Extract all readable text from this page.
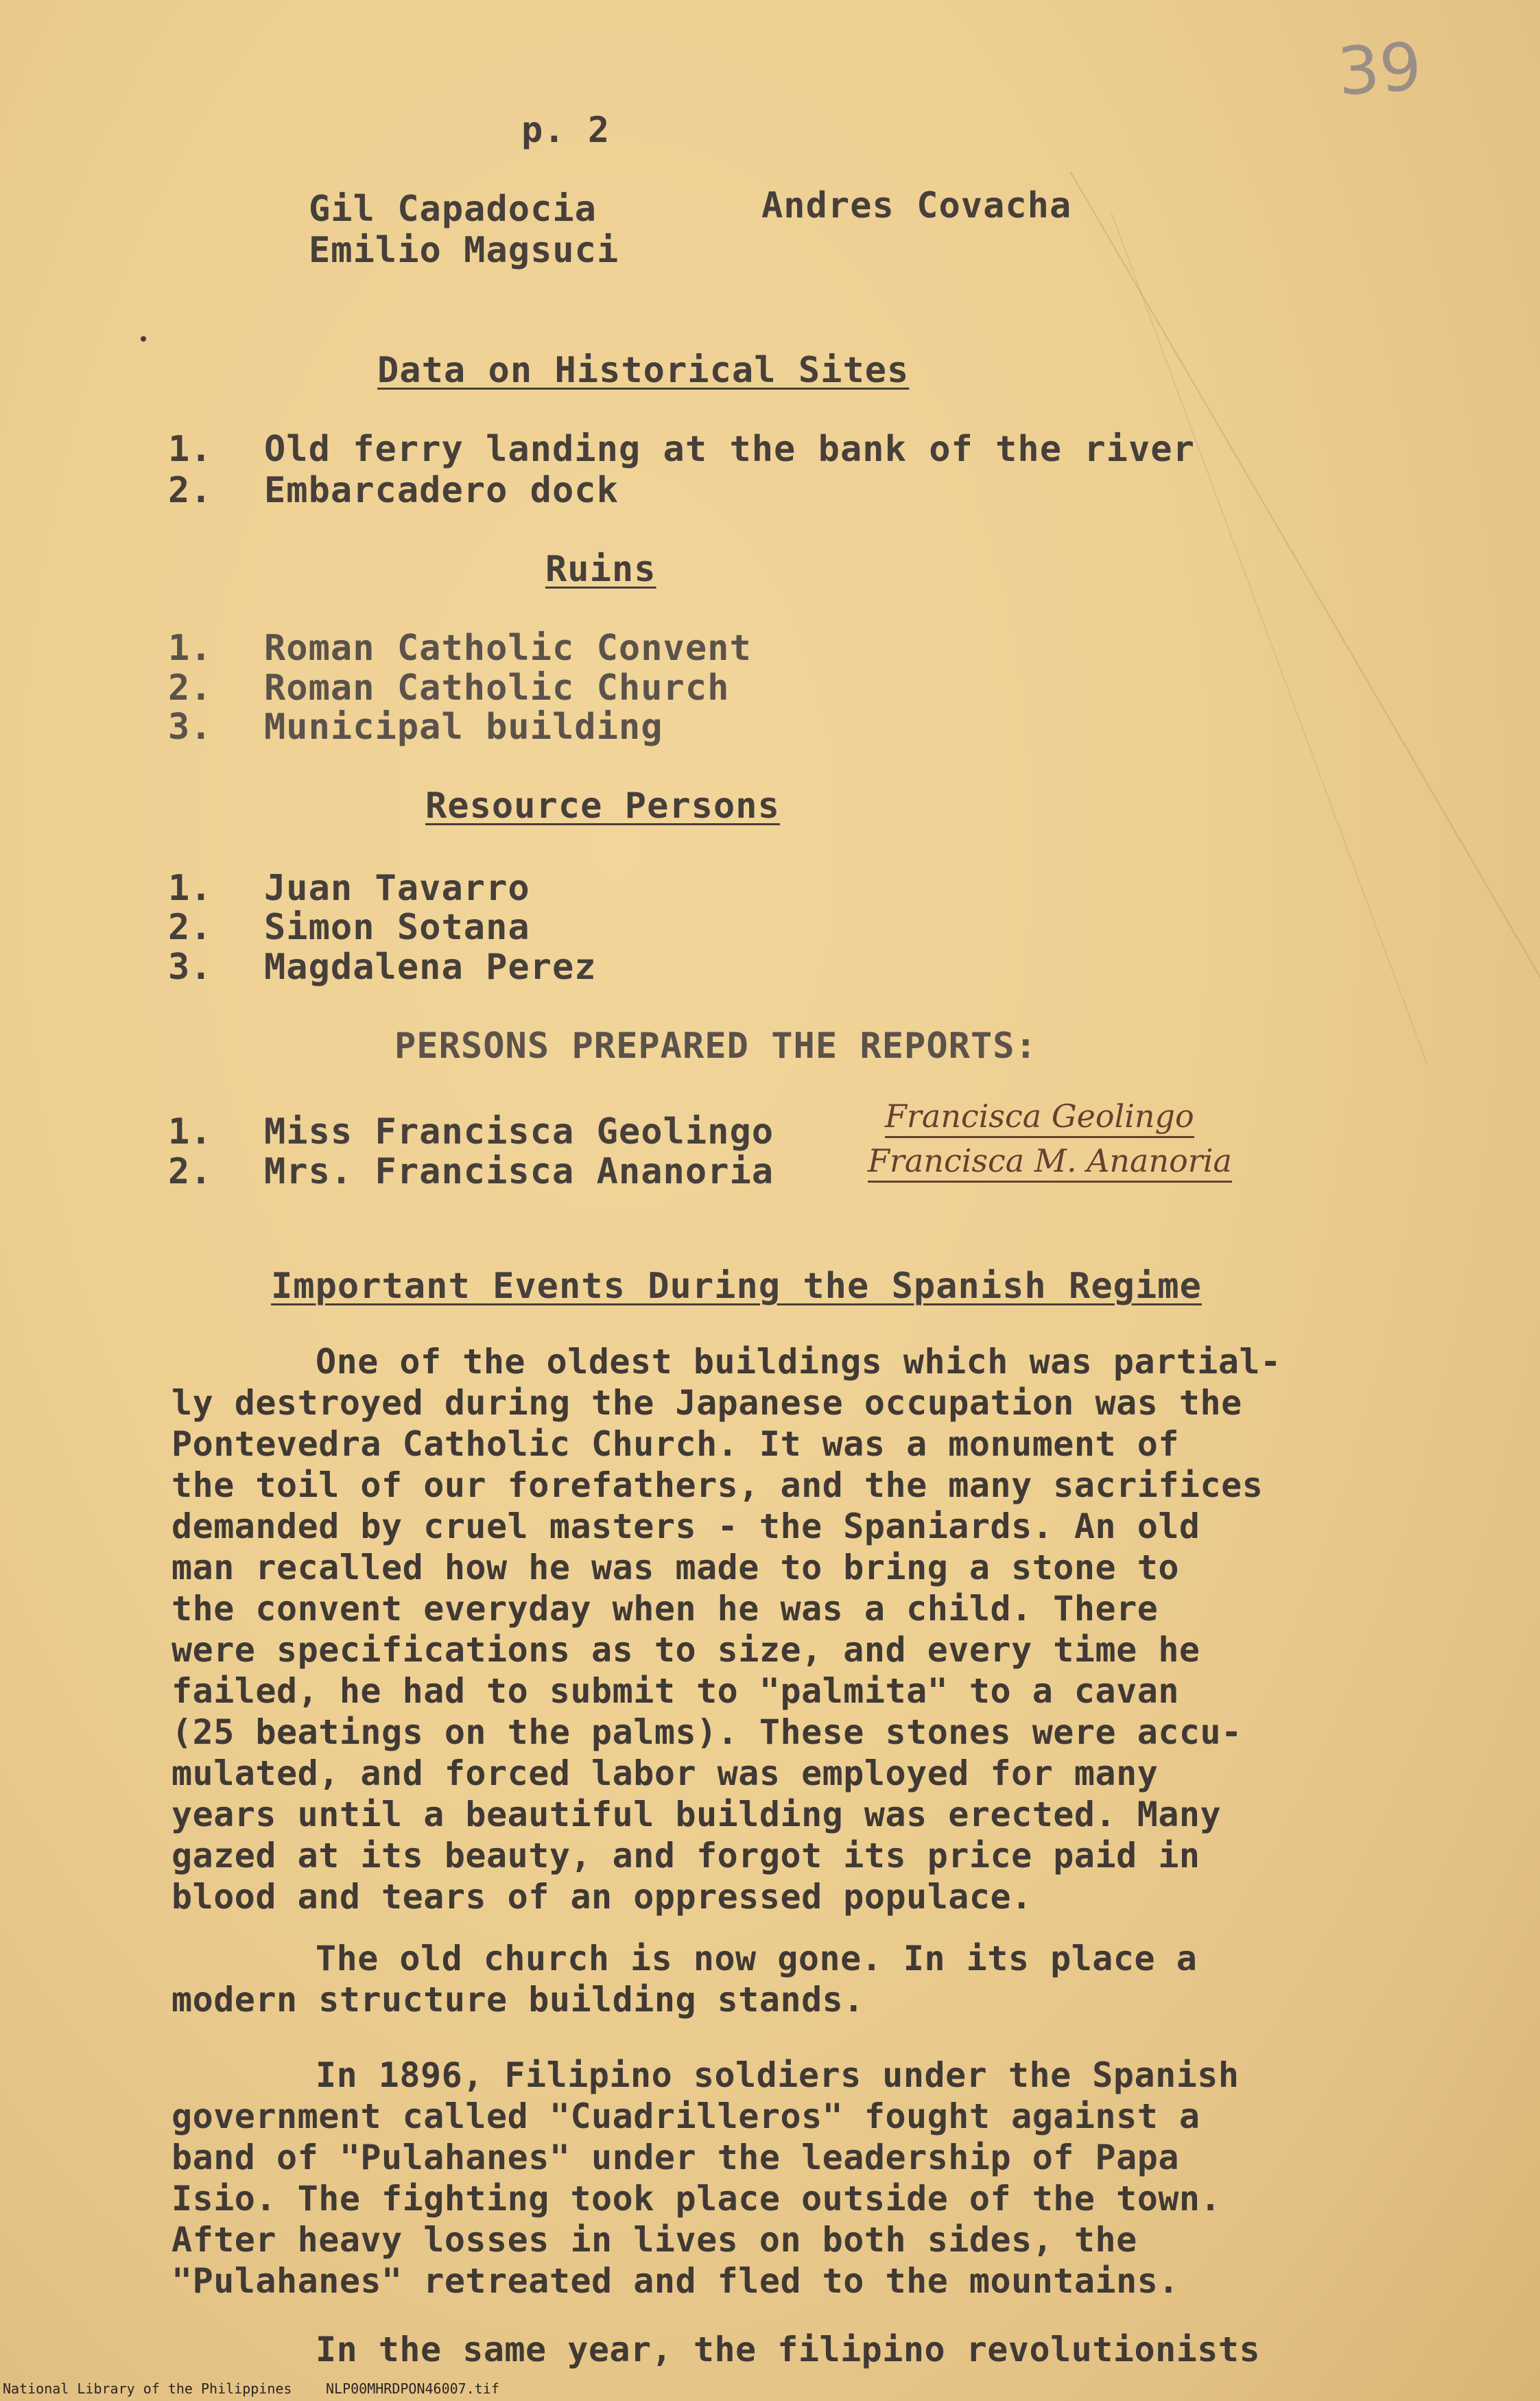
39
p. 2
Gil Capadocia	Andres Covacha
Emilio Magsuci
Data on Historical Sites
1. Old ferry landing at the bank of the river
2. Embarcadero dock
Ruins
1. Roman Catholic Convent
2. Roman Catholic Church
3. Municipal building
Resource Persons
1. Juan Tavarro
2. Simon Sotana
3. Magdalena Perez
PERSONS PREPARED THE REPORTS:
1. Miss Francisca Geolingo	Francisca Geolingo
2. Mrs. Francisca Ananoria	Francisca M. Ananoria
Important Events During the Spanish Regime
One of the oldest buildings which was partial-
ly destroyed during the Japanese occupation was the
Pontevedra Catholic Church. It was a monument of
the toil of our forefathers, and the many sacrifices
demanded by cruel masters - the Spaniards. An old
man recalled how he was made to bring a stone to
the convent everyday when he was a child. There
were specifications as to size, and every time he
failed, he had to submit to "palmita" to a cavan
(25 beatings on the palms). These stones were accu-
mulated, and forced labor was employed for many
years until a beautiful building was erected. Many
gazed at its beauty, and forgot its price paid in
blood and tears of an oppressed populace.
The old church is now gone. In its place a
modern structure building stands.
In 1896, Filipino soldiers under the Spanish
government called "Cuadrilleros" fought against a
band of "Pulahanes" under the leadership of Papa
Isio. The fighting took place outside of the town.
After heavy losses in lives on both sides, the
"Pulahanes" retreated and fled to the mountains.
In the same year, the filipino revolutionists
National Library of the Philippines NLP00MHRDPON46007.tif
